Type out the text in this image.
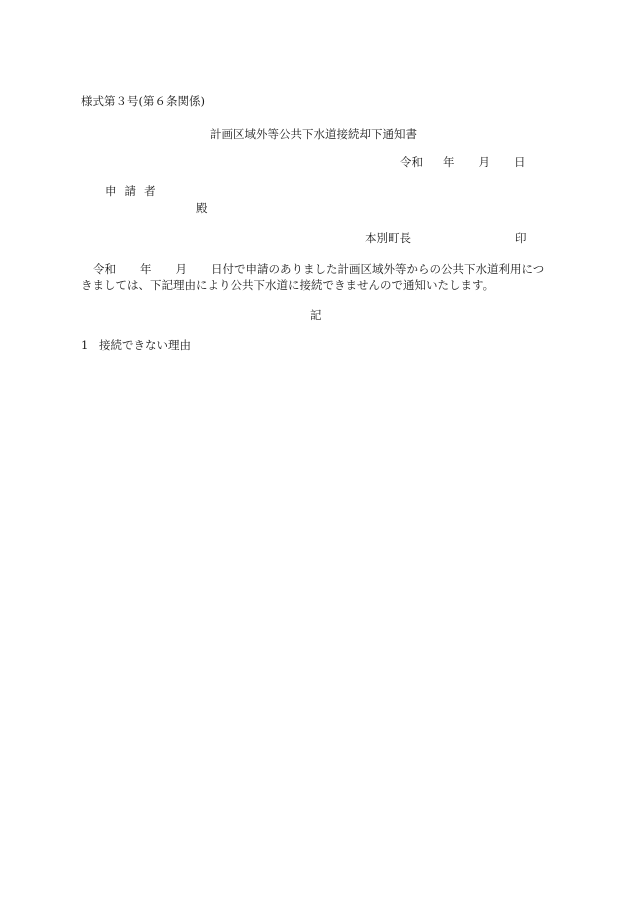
様式第３号(第６条関係)
計画区域外等公共下水道接続却下通知書
令和 年 月 日
申請者
殿
本別町長	印
令和 年 月 日付で申請のありました計画区域外等からの公共下水道利用につ
きましては、下記理由により公共下水道に接続できませんので通知いたします。
記
1 接続できない理由
